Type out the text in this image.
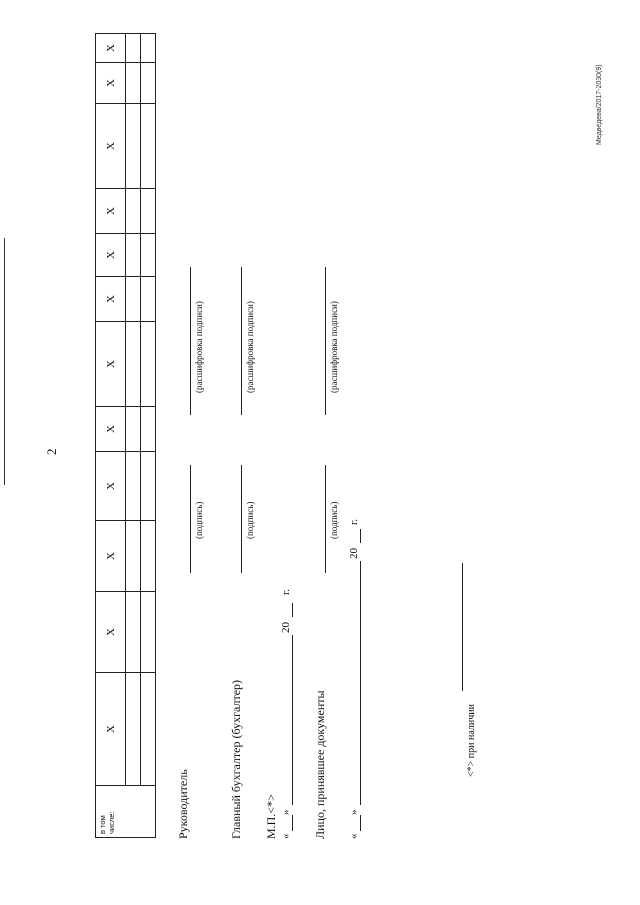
2
в том числе:	X	X	X	X	X	X	X	X	X	X	X	X

Руководитель
(подпись)
(расшифровка подписи)
Главный бухгалтер (бухгалтер)
(подпись)
(расшифровка подписи)
М.П.<*> «
»
20
г.
Лицо, принявшее документы
(подпись)
(расшифровка подписи)
«
»
20
г.
<*> при наличии
Медведева/2017-2030(9)
